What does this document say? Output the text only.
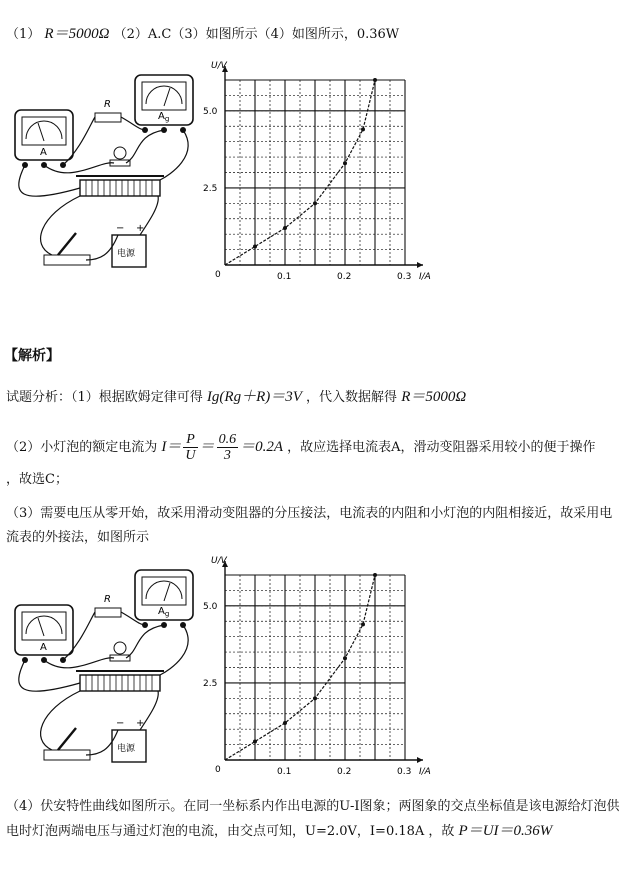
（1） R＝5000Ω （2）A.C（3）如图所示（4）如图所示，0.36W
A
$A_g$
R
电源
− +
U/V
I/A
0	0.1	0.2	0.3
2.5
5.0
【解析】
试题分析：（1）根据欧姆定律可得 Ig(Rg＋R)＝3V ，代入数据解得 R＝5000Ω
（2）小灯泡的额定电流为 $I= \frac{P}{U} = \frac{0.6}{3} =0.2A$ ，故应选择电流表A，滑动变阻器采用较小的便于操作
，故选C；
（3）需要电压从零开始，故采用滑动变阻器的分压接法，电流表的内阻和小灯泡的内阻相接近，故采用电流表的外接法，如图所示
A
$A_g$
R
电源
− +
U/V
I/A
0	0.1	0.2	0.3
2.5
5.0
（4）伏安特性曲线如图所示。在同一坐标系内作出电源的U-I图象；两图象的交点坐标值是该电源给灯泡供电时灯泡两端电压与通过灯泡的电流，由交点可知，U=2.0V，I=0.18A ，故 P＝UI＝0.36W
